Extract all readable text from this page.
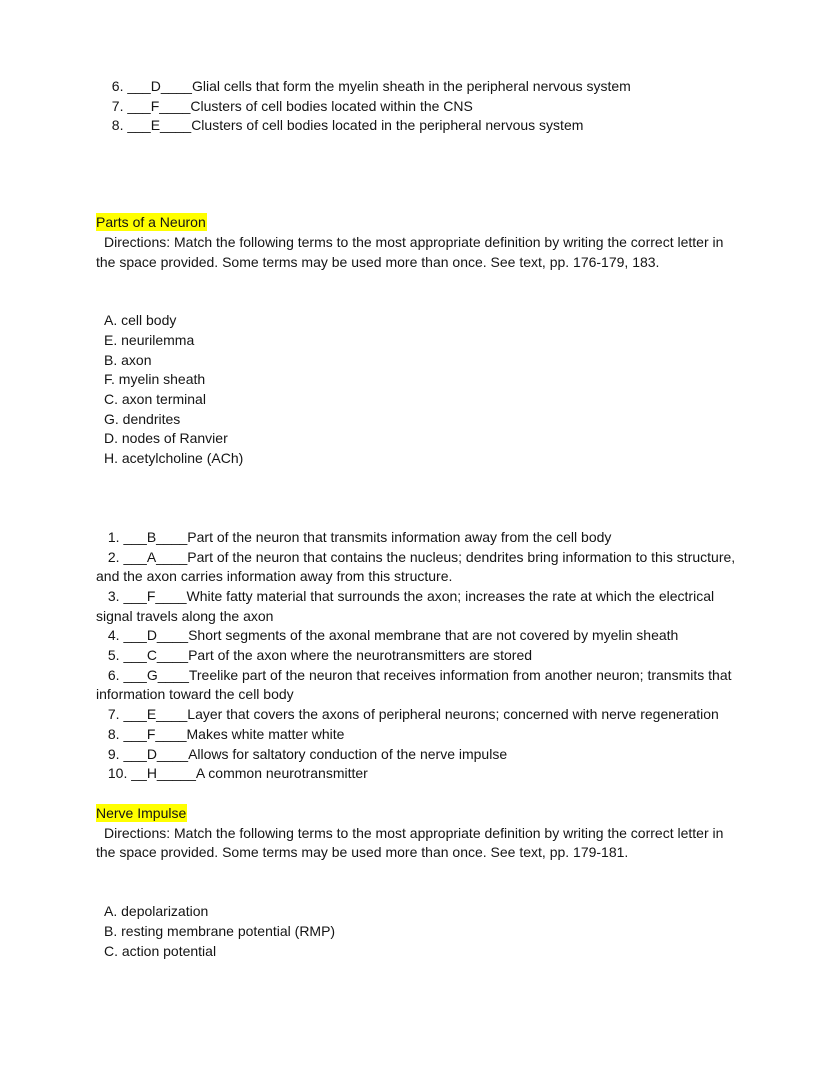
6. ___D____Glial cells that form the myelin sheath in the peripheral nervous system
7. ___F____Clusters of cell bodies located within the CNS
8. ___E____Clusters of cell bodies located in the peripheral nervous system
Parts of a Neuron
Directions: Match the following terms to the most appropriate definition by writing the correct letter in the space provided. Some terms may be used more than once. See text, pp. 176-179, 183.
A. cell body
E. neurilemma
B. axon
F. myelin sheath
C. axon terminal
G. dendrites
D. nodes of Ranvier
H. acetylcholine (ACh)
1. ___B____Part of the neuron that transmits information away from the cell body
2. ___A____Part of the neuron that contains the nucleus; dendrites bring information to this structure, and the axon carries information away from this structure.
3. ___F____White fatty material that surrounds the axon; increases the rate at which the electrical signal travels along the axon
4. ___D____Short segments of the axonal membrane that are not covered by myelin sheath
5. ___C____Part of the axon where the neurotransmitters are stored
6. ___G____Treelike part of the neuron that receives information from another neuron; transmits that information toward the cell body
7. ___E____Layer that covers the axons of peripheral neurons; concerned with nerve regeneration
8. ___F____Makes white matter white
9. ___D____Allows for saltatory conduction of the nerve impulse
10. __H_____A common neurotransmitter
Nerve Impulse
Directions: Match the following terms to the most appropriate definition by writing the correct letter in the space provided. Some terms may be used more than once. See text, pp. 179-181.
A. depolarization
B. resting membrane potential (RMP)
C. action potential
